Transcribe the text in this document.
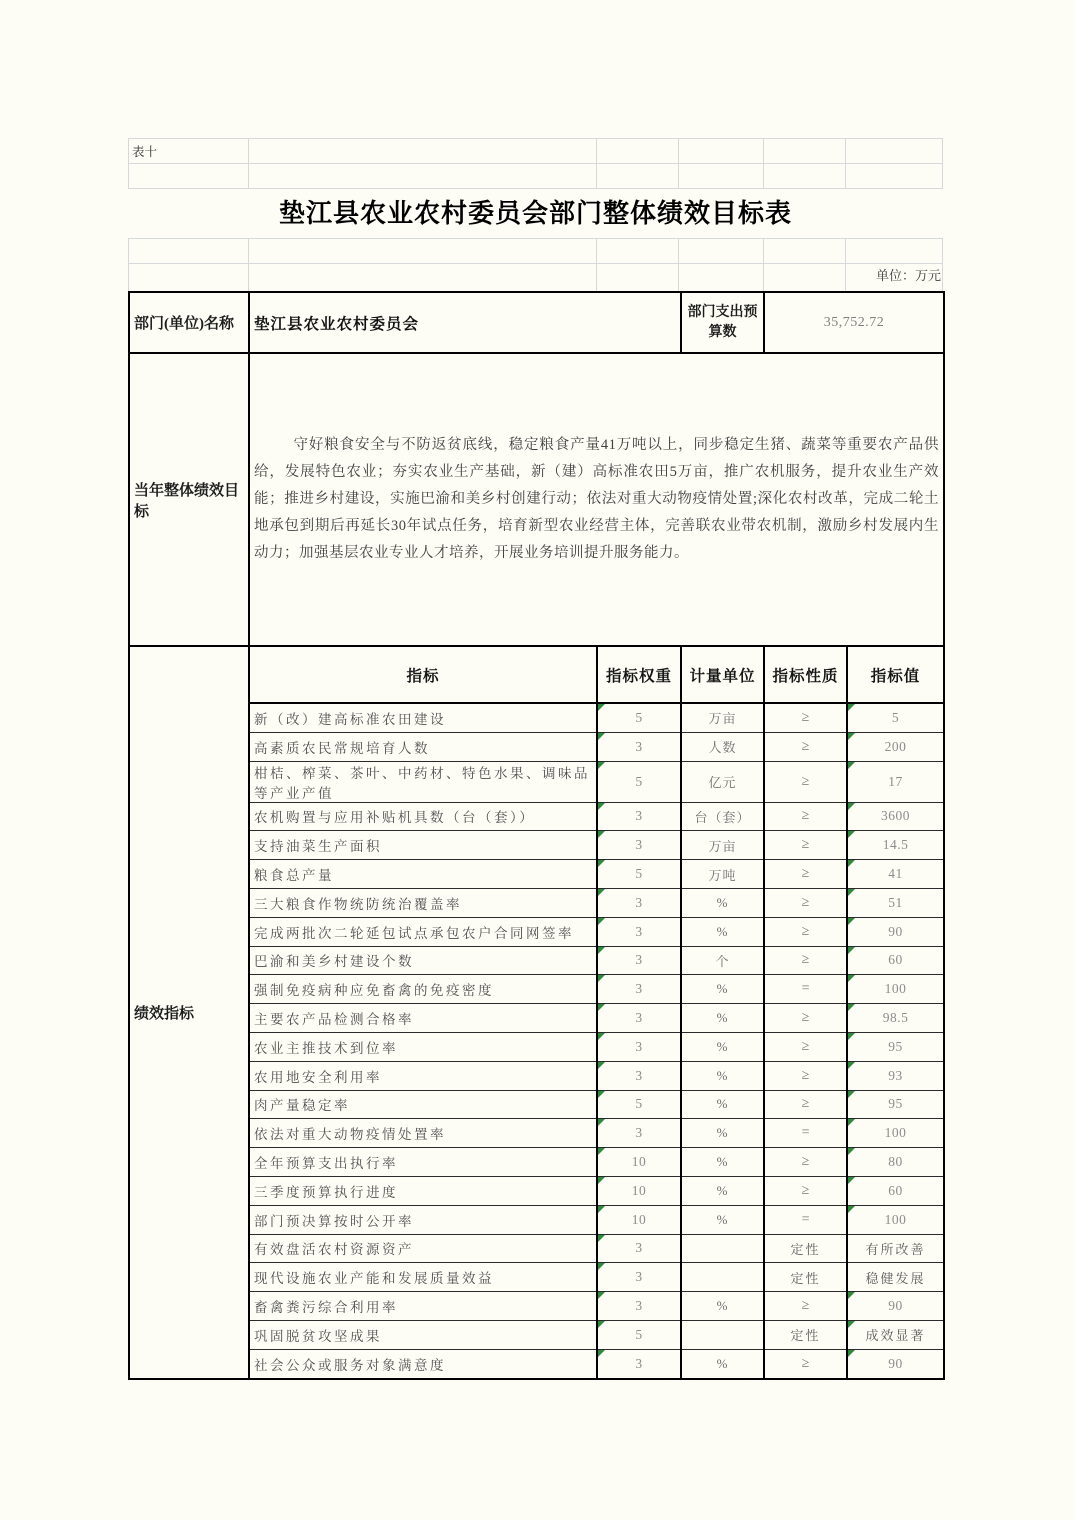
表十
垫江县农业农村委员会部门整体绩效目标表
单位：万元
部门(单位)名称	垫江县农业农村委员会		部门支出预算数	35,752.72	
当年整体绩效目标	守好粮食安全与不防返贫底线，稳定粮食产量41万吨以上，同步稳定生猪、蔬菜等重要农产品供给，发展特色农业；夯实农业生产基础，新（建）高标准农田5万亩，推广农机服务，提升农业生产效能；推进乡村建设，实施巴渝和美乡村创建行动；依法对重大动物疫情处置;深化农村改革，完成二轮土地承包到期后再延长30年试点任务，培育新型农业经营主体，完善联农业带农机制，激励乡村发展内生动力；加强基层农业专业人才培养，开展业务培训提升服务能力。				
绩效指标	指标	指标权重	计量单位	指标性质	指标值
	新（改）建高标准农田建设	5	万亩	≥	5
	高素质农民常规培育人数	3	人数	≥	200
	柑桔、榨菜、茶叶、中药材、特色水果、调味品等产业产值	5	亿元	≥	17
	农机购置与应用补贴机具数（台（套））	3	台（套）	≥	3600
	支持油菜生产面积	3	万亩	≥	14.5
	粮食总产量	5	万吨	≥	41
	三大粮食作物统防统治覆盖率	3	%	≥	51
	完成两批次二轮延包试点承包农户合同网签率	3	%	≥	90
	巴渝和美乡村建设个数	3	个	≥	60
	强制免疫病种应免畜禽的免疫密度	3	%	=	100
	主要农产品检测合格率	3	%	≥	98.5
	农业主推技术到位率	3	%	≥	95
	农用地安全利用率	3	%	≥	93
	肉产量稳定率	5	%	≥	95
	依法对重大动物疫情处置率	3	%	=	100
	全年预算支出执行率	10	%	≥	80
	三季度预算执行进度	10	%	≥	60
	部门预决算按时公开率	10	%	=	100
	有效盘活农村资源资产	3		定性	有所改善
	现代设施农业产能和发展质量效益	3		定性	稳健发展
	畜禽粪污综合利用率	3	%	≥	90
	巩固脱贫攻坚成果	5		定性	成效显著
	社会公众或服务对象满意度	3	%	≥	90
